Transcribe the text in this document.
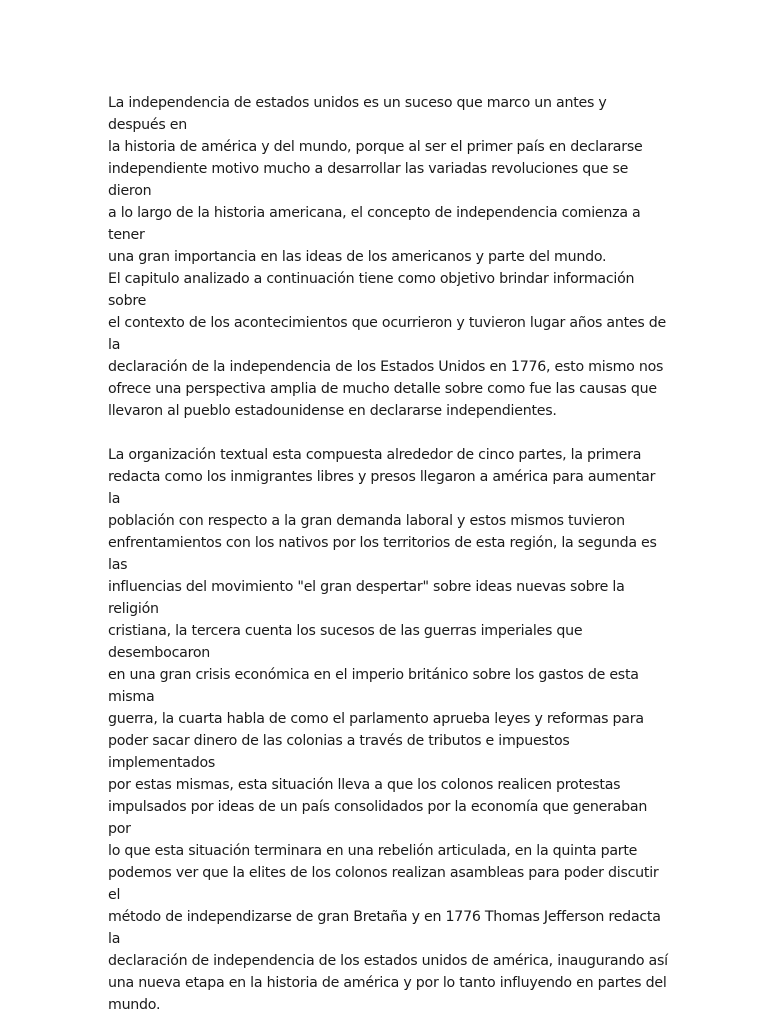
La independencia de estados unidos es un suceso que marco un antes y después en
la historia de américa y del mundo, porque al ser el primer país en declararse
independiente motivo mucho a desarrollar las variadas revoluciones que se dieron
a lo largo de la historia americana, el concepto de independencia comienza a tener
una gran importancia en las ideas de los americanos y parte del mundo.

El capitulo analizado a continuación tiene como objetivo brindar información sobre
el contexto de los acontecimientos que ocurrieron y tuvieron lugar años antes de la
declaración de la independencia de los Estados Unidos en 1776, esto mismo nos
ofrece una perspectiva amplia de mucho detalle sobre como fue las causas que
llevaron al pueblo estadounidense en declararse independientes.

La organización textual esta compuesta alrededor de cinco partes, la primera
redacta como los inmigrantes libres y presos llegaron a américa para aumentar la
población con respecto a la gran demanda laboral y estos mismos tuvieron
enfrentamientos con los nativos por los territorios de esta región, la segunda es las
influencias del movimiento "el gran despertar" sobre ideas nuevas sobre la religión
cristiana, la tercera cuenta los sucesos de las guerras imperiales que desembocaron
en una gran crisis económica en el imperio británico sobre los gastos de esta misma
guerra, la cuarta habla de como el parlamento aprueba leyes y reformas para
poder sacar dinero de las colonias a través de tributos e impuestos implementados
por estas mismas, esta situación lleva a que los colonos realicen protestas
impulsados por ideas de un país consolidados por la economía que generaban por
lo que esta situación terminara en una rebelión articulada, en la quinta parte
podemos ver que la elites de los colonos realizan asambleas para poder discutir el
método de independizarse de gran Bretaña y en 1776 Thomas Jefferson redacta la
declaración de independencia de los estados unidos de américa, inaugurando así
una nueva etapa en la historia de américa y por lo tanto influyendo en partes del
mundo.
